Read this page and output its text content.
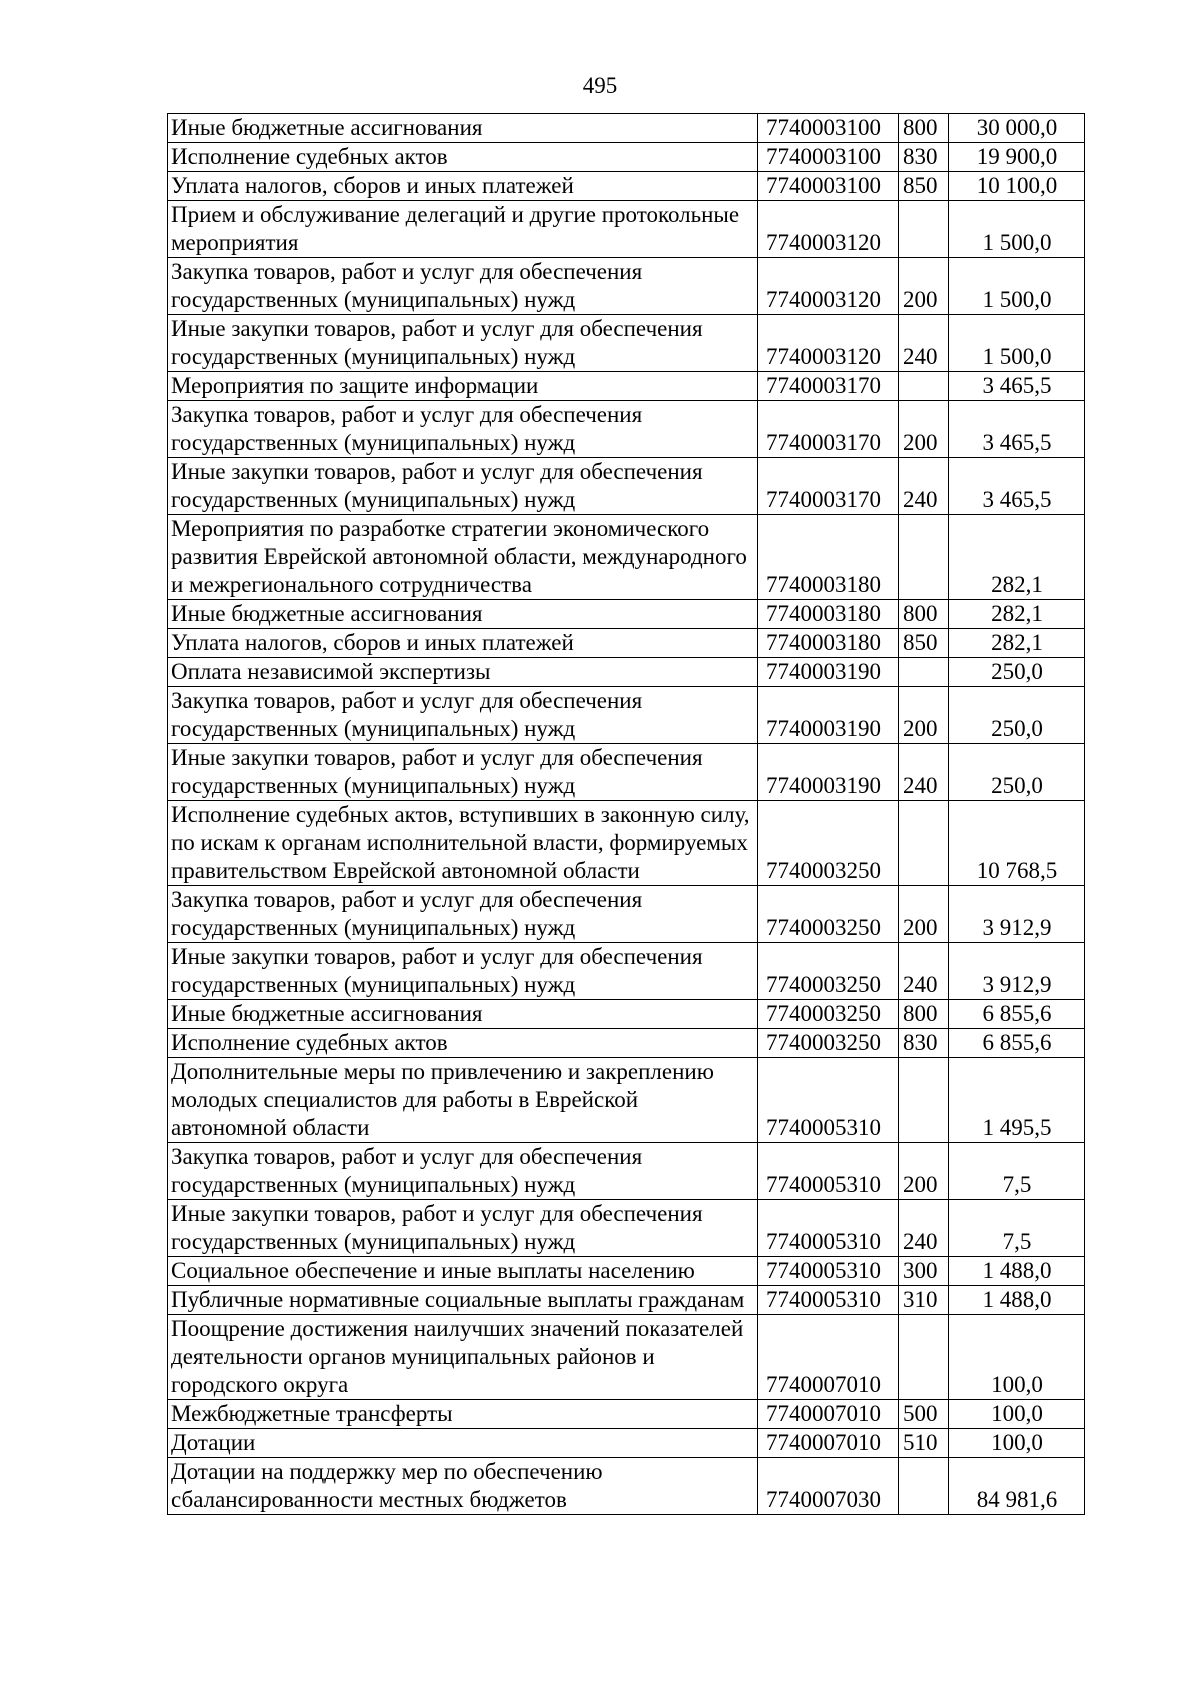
495
Иные бюджетные ассигнования	7740003100	800	30 000,0
Исполнение судебных актов	7740003100	830	19 900,0
Уплата налогов, сборов и иных платежей	7740003100	850	10 100,0
Прием и обслуживание делегаций и другие протокольные мероприятия	7740003120		1 500,0
Закупка товаров, работ и услуг для обеспечения государственных (муниципальных) нужд	7740003120	200	1 500,0
Иные закупки товаров, работ и услуг для обеспечения государственных (муниципальных) нужд	7740003120	240	1 500,0
Мероприятия по защите информации	7740003170		3 465,5
Закупка товаров, работ и услуг для обеспечения государственных (муниципальных) нужд	7740003170	200	3 465,5
Иные закупки товаров, работ и услуг для обеспечения государственных (муниципальных) нужд	7740003170	240	3 465,5
Мероприятия по разработке стратегии экономического развития Еврейской автономной области, международного и межрегионального сотрудничества	7740003180		282,1
Иные бюджетные ассигнования	7740003180	800	282,1
Уплата налогов, сборов и иных платежей	7740003180	850	282,1
Оплата независимой экспертизы	7740003190		250,0
Закупка товаров, работ и услуг для обеспечения государственных (муниципальных) нужд	7740003190	200	250,0
Иные закупки товаров, работ и услуг для обеспечения государственных (муниципальных) нужд	7740003190	240	250,0
Исполнение судебных актов, вступивших в законную силу, по искам к органам исполнительной власти, формируемых правительством Еврейской автономной области	7740003250		10 768,5
Закупка товаров, работ и услуг для обеспечения государственных (муниципальных) нужд	7740003250	200	3 912,9
Иные закупки товаров, работ и услуг для обеспечения государственных (муниципальных) нужд	7740003250	240	3 912,9
Иные бюджетные ассигнования	7740003250	800	6 855,6
Исполнение судебных актов	7740003250	830	6 855,6
Дополнительные меры по привлечению и закреплению молодых специалистов для работы в Еврейской автономной области	7740005310		1 495,5
Закупка товаров, работ и услуг для обеспечения государственных (муниципальных) нужд	7740005310	200	7,5
Иные закупки товаров, работ и услуг для обеспечения государственных (муниципальных) нужд	7740005310	240	7,5
Социальное обеспечение и иные выплаты населению	7740005310	300	1 488,0
Публичные нормативные социальные выплаты гражданам	7740005310	310	1 488,0
Поощрение достижения наилучших значений показателей деятельности органов муниципальных районов и городского округа	7740007010		100,0
Межбюджетные трансферты	7740007010	500	100,0
Дотации	7740007010	510	100,0
Дотации на поддержку мер по обеспечению сбалансированности местных бюджетов	7740007030		84 981,6
